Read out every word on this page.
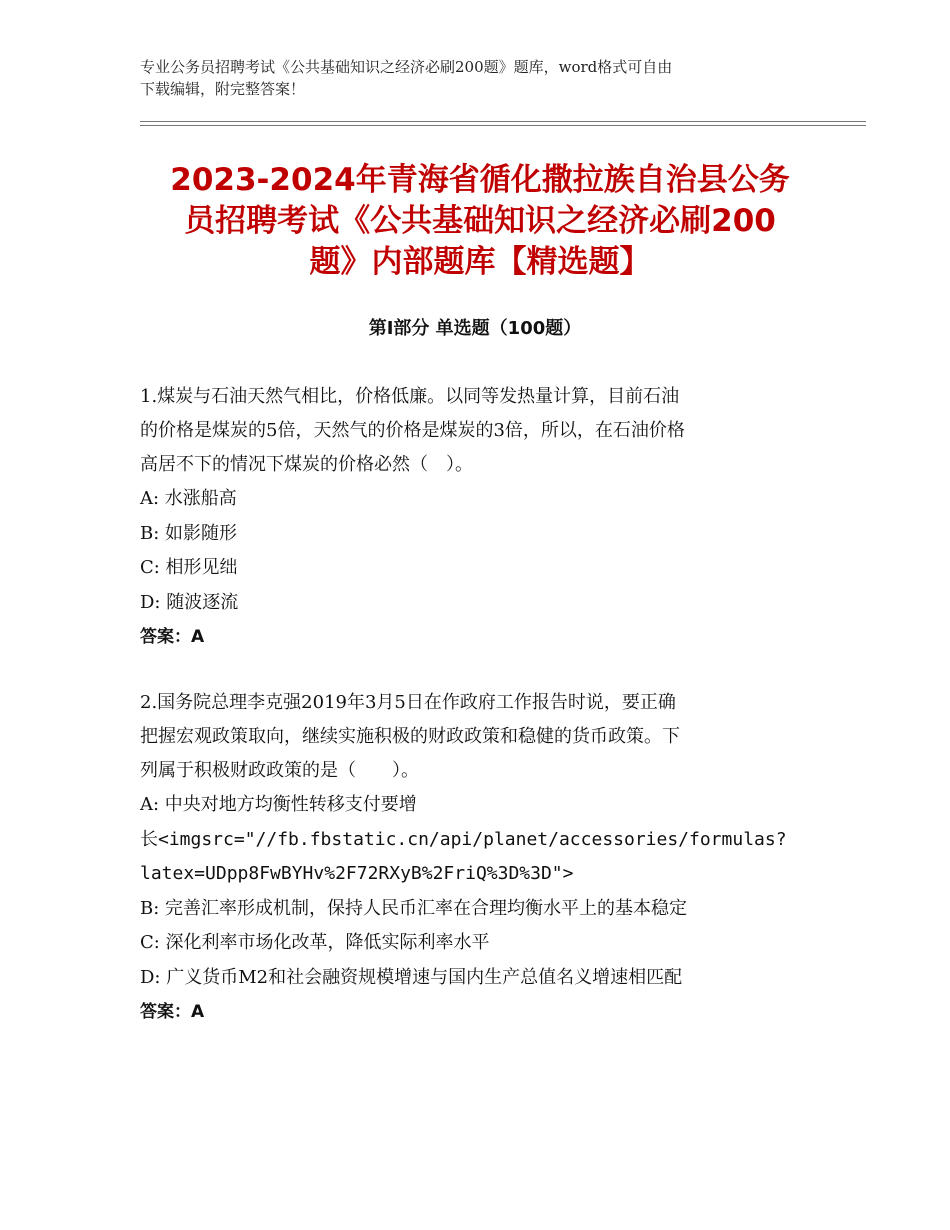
专业公务员招聘考试《公共基础知识之经济必刷200题》题库，word格式可自由
下载编辑，附完整答案！
2023-2024年青海省循化撒拉族自治县公务
员招聘考试《公共基础知识之经济必刷200
题》内部题库【精选题】
第Ⅰ部分 单选题（100题）
1.煤炭与石油天然气相比，价格低廉。以同等发热量计算，目前石油
的价格是煤炭的5倍，天然气的价格是煤炭的3倍，所以，在石油价格
高居不下的情况下煤炭的价格必然（　）。
A: 水涨船高
B: 如影随形
C: 相形见绌
D: 随波逐流
答案：A
2.国务院总理李克强2019年3月5日在作政府工作报告时说，要正确
把握宏观政策取向，继续实施积极的财政政策和稳健的货币政策。下
列属于积极财政政策的是（　　）。
A: 中央对地方均衡性转移支付要增
长<imgsrc="//fb.fbstatic.cn/api/planet/accessories/formulas?
latex=UDpp8FwBYHv%2F72RXyB%2FriQ%3D%3D">
B: 完善汇率形成机制，保持人民币汇率在合理均衡水平上的基本稳定
C: 深化利率市场化改革，降低实际利率水平
D: 广义货币M2和社会融资规模增速与国内生产总值名义增速相匹配
答案：A
